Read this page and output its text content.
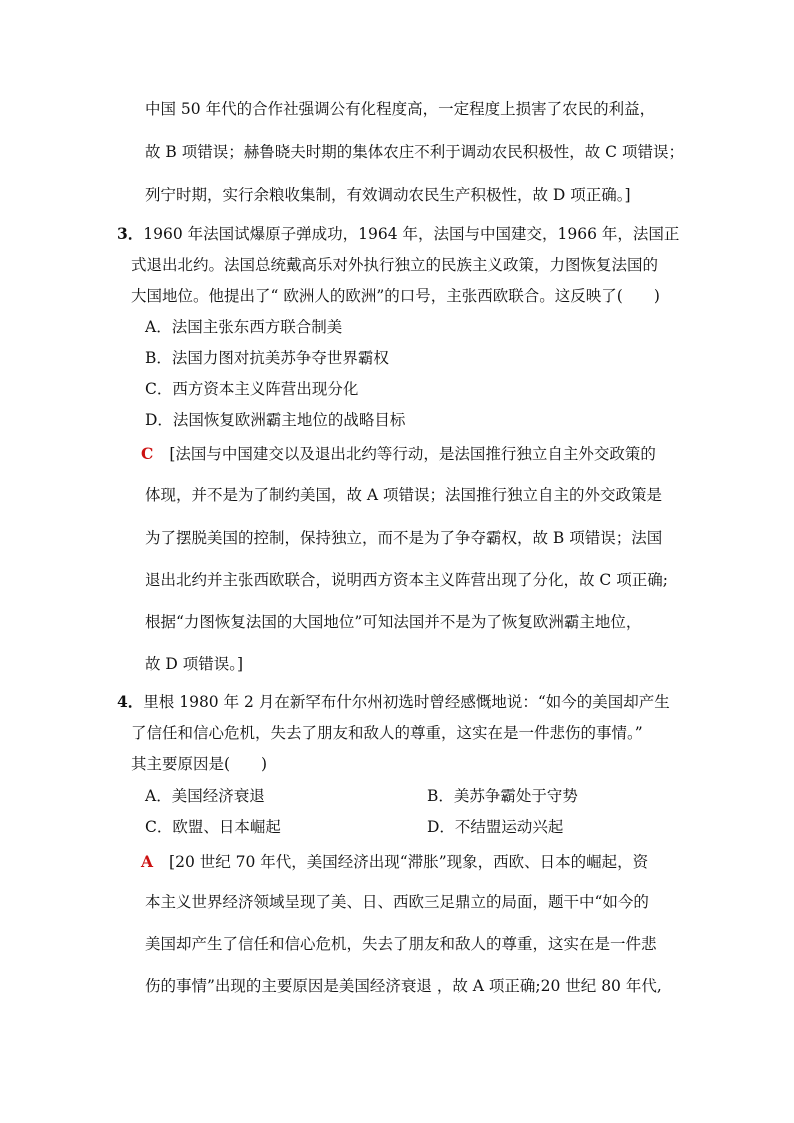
中国 50 年代的合作社强调公有化程度高，一定程度上损害了农民的利益，
故 B 项错误；赫鲁晓夫时期的集体农庄不利于调动农民积极性，故 C 项错误；
列宁时期，实行余粮收集制，有效调动农民生产积极性，故 D 项正确。]
3．1960 年法国试爆原子弹成功，1964 年，法国与中国建交，1966 年，法国正
式退出北约。法国总统戴高乐对外执行独立的民族主义政策，力图恢复法国的
大国地位。他提出了“ 欧洲人的欧洲”的口号，主张西欧联合。这反映了(　　)
A．法国主张东西方联合制美
B．法国力图对抗美苏争夺世界霸权
C．西方资本主义阵营出现分化
D．法国恢复欧洲霸主地位的战略目标
C [法国与中国建交以及退出北约等行动，是法国推行独立自主外交政策的
体现，并不是为了制约美国，故 A 项错误；法国推行独立自主的外交政策是
为了摆脱美国的控制，保持独立，而不是为了争夺霸权，故 B 项错误；法国
退出北约并主张西欧联合，说明西方资本主义阵营出现了分化，故 C 项正确;
根据“力图恢复法国的大国地位”可知法国并不是为了恢复欧洲霸主地位，
故 D 项错误。]
4．里根 1980 年 2 月在新罕布什尔州初选时曾经感慨地说：“如今的美国却产生
了信任和信心危机，失去了朋友和敌人的尊重，这实在是一件悲伤的事情。”
其主要原因是(　　)
A．美国经济衰退	B．美苏争霸处于守势
C．欧盟、日本崛起	D．不结盟运动兴起
A [20 世纪 70 年代，美国经济出现“滞胀”现象，西欧、日本的崛起，资
本主义世界经济领域呈现了美、日、西欧三足鼎立的局面，题干中“如今的
美国却产生了信任和信心危机，失去了朋友和敌人的尊重，这实在是一件悲
伤的事情”出现的主要原因是美国经济衰退 ，故 A 项正确;20 世纪 80 年代,
